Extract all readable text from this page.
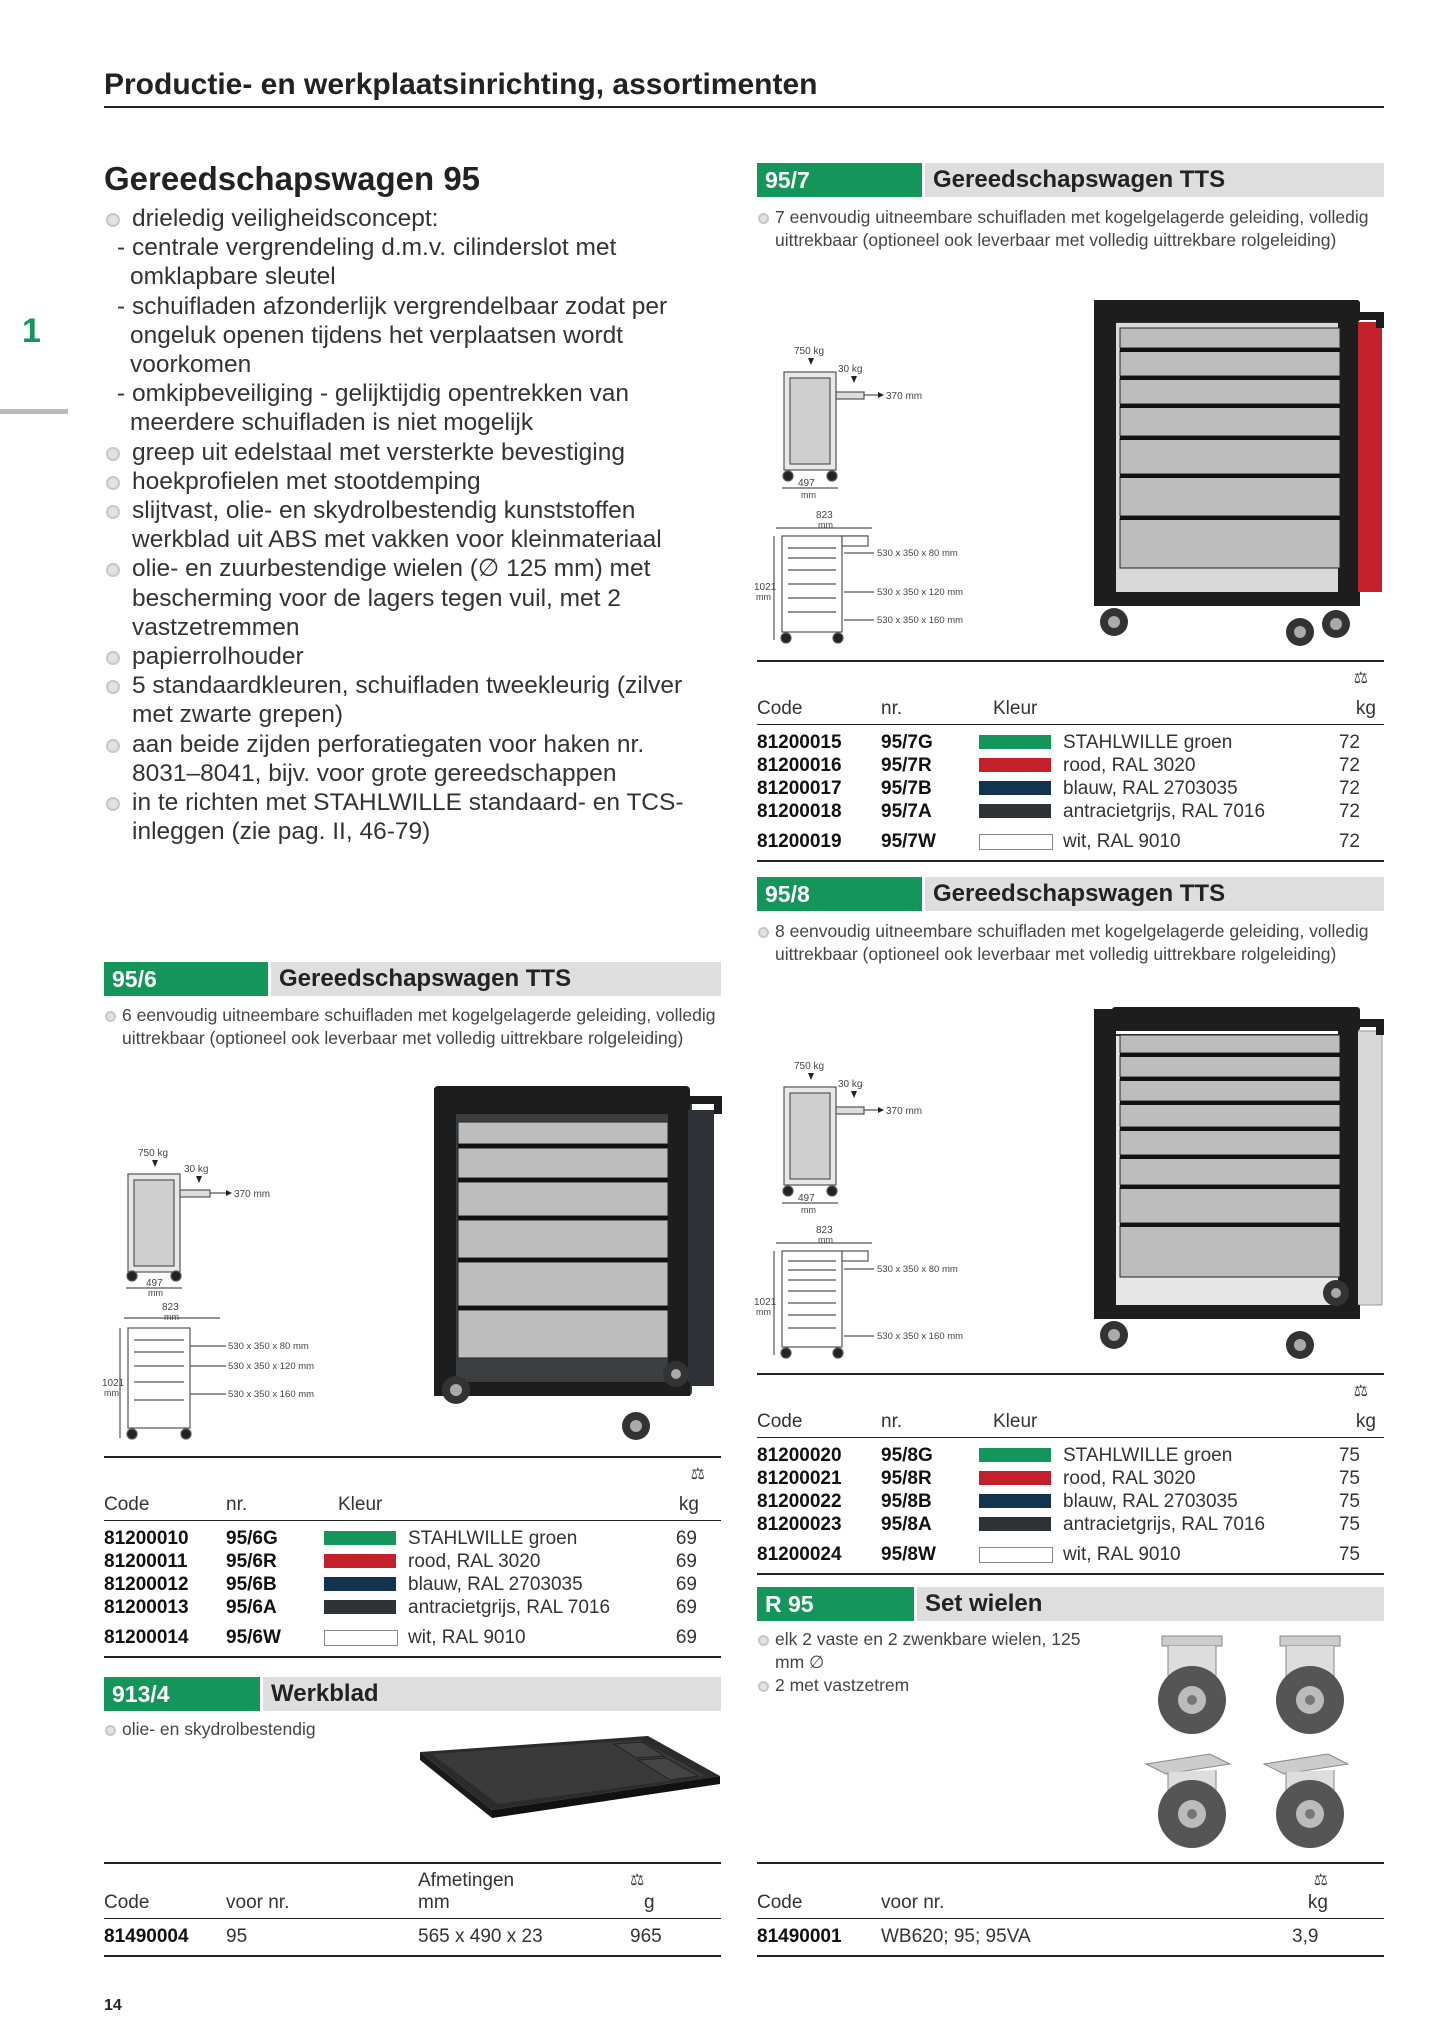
Productie- en werkplaatsinrichting, assortimenten
1
Gereedschapswagen 95
drieledig veiligheidsconcept:
- centrale vergrendeling d.m.v. cilinderslot met omklapbare sleutel
- schuifladen afzonderlijk vergrendelbaar zodat per ongeluk openen tijdens het verplaatsen wordt voorkomen
- omkipbeveiliging - gelijktijdig opentrekken van meerdere schuifladen is niet mogelijk
greep uit edelstaal met versterkte bevestiging
hoekprofielen met stootdemping
slijtvast, olie- en skydrolbestendig kunststoffen werkblad uit ABS met vakken voor kleinmateriaal
olie- en zuurbestendige wielen (∅ 125 mm) met bescherming voor de lagers tegen vuil, met 2 vastzetremmen
papierrolhouder
5 standaardkleuren, schuifladen tweekleurig (zilver met zwarte grepen)
aan beide zijden perforatiegaten voor haken nr. 8031–8041, bijv. voor grote gereedschappen
in te richten met STAHLWILLE standaard- en TCS-inleggen (zie pag. II, 46-79)
95/7	Gereedschapswagen TTS
7 eenvoudig uitneembare schuifladen met kogelgelagerde geleiding, volledig uittrekbaar (optioneel ook leverbaar met volledig uittrekbare rolgeleiding)
750 kg
30 kg
370 mm
497
mm
823
mm
1021
mm
530 x 350 x 80 mm
530 x 350 x 120 mm
530 x 350 x 160 mm
Code	nr.	Kleur
⚖
kg
81200015 95/7G	STAHLWILLE groen	72
81200016 95/7R	rood, RAL 3020	72
81200017 95/7B	blauw, RAL 2703035	72
81200018 95/7A	antracietgrijs, RAL 7016	72
81200019 95/7W	wit, RAL 9010	72
95/8	Gereedschapswagen TTS
8 eenvoudig uitneembare schuifladen met kogelgelagerde geleiding, volledig uittrekbaar (optioneel ook leverbaar met volledig uittrekbare rolgeleiding)
750 kg
30 kg
370 mm
497
mm
823
mm
1021
mm
530 x 350 x 80 mm
530 x 350 x 160 mm
Code	nr.	Kleur
⚖
kg
81200020 95/8G	STAHLWILLE groen	75
81200021 95/8R	rood, RAL 3020	75
81200022 95/8B	blauw, RAL 2703035	75
81200023 95/8A	antracietgrijs, RAL 7016	75
81200024 95/8W	wit, RAL 9010	75
95/6	Gereedschapswagen TTS
6 eenvoudig uitneembare schuifladen met kogelgelagerde geleiding, volledig uittrekbaar (optioneel ook leverbaar met volledig uittrekbare rolgeleiding)
750 kg
30 kg
370 mm
497
mm
823
mm
1021
mm
530 x 350 x 80 mm
530 x 350 x 120 mm
530 x 350 x 160 mm
Code	nr.	Kleur
⚖
kg
81200010 95/6G	STAHLWILLE groen	69
81200011 95/6R	rood, RAL 3020	69
81200012 95/6B	blauw, RAL 2703035	69
81200013 95/6A	antracietgrijs, RAL 7016	69
81200014 95/6W	wit, RAL 9010	69
913/4	Werkblad
olie- en skydrolbestendig
Code	voor nr.
Afmetingen
mm
⚖
g
81490004 95	565 x 490 x 23	965
R 95	Set wielen
elk 2 vaste en 2 zwenkbare wielen, 125 mm ∅
2 met vastzetrem
Code	voor nr.
⚖
kg
81490001 WB620; 95; 95VA	3,9
14
